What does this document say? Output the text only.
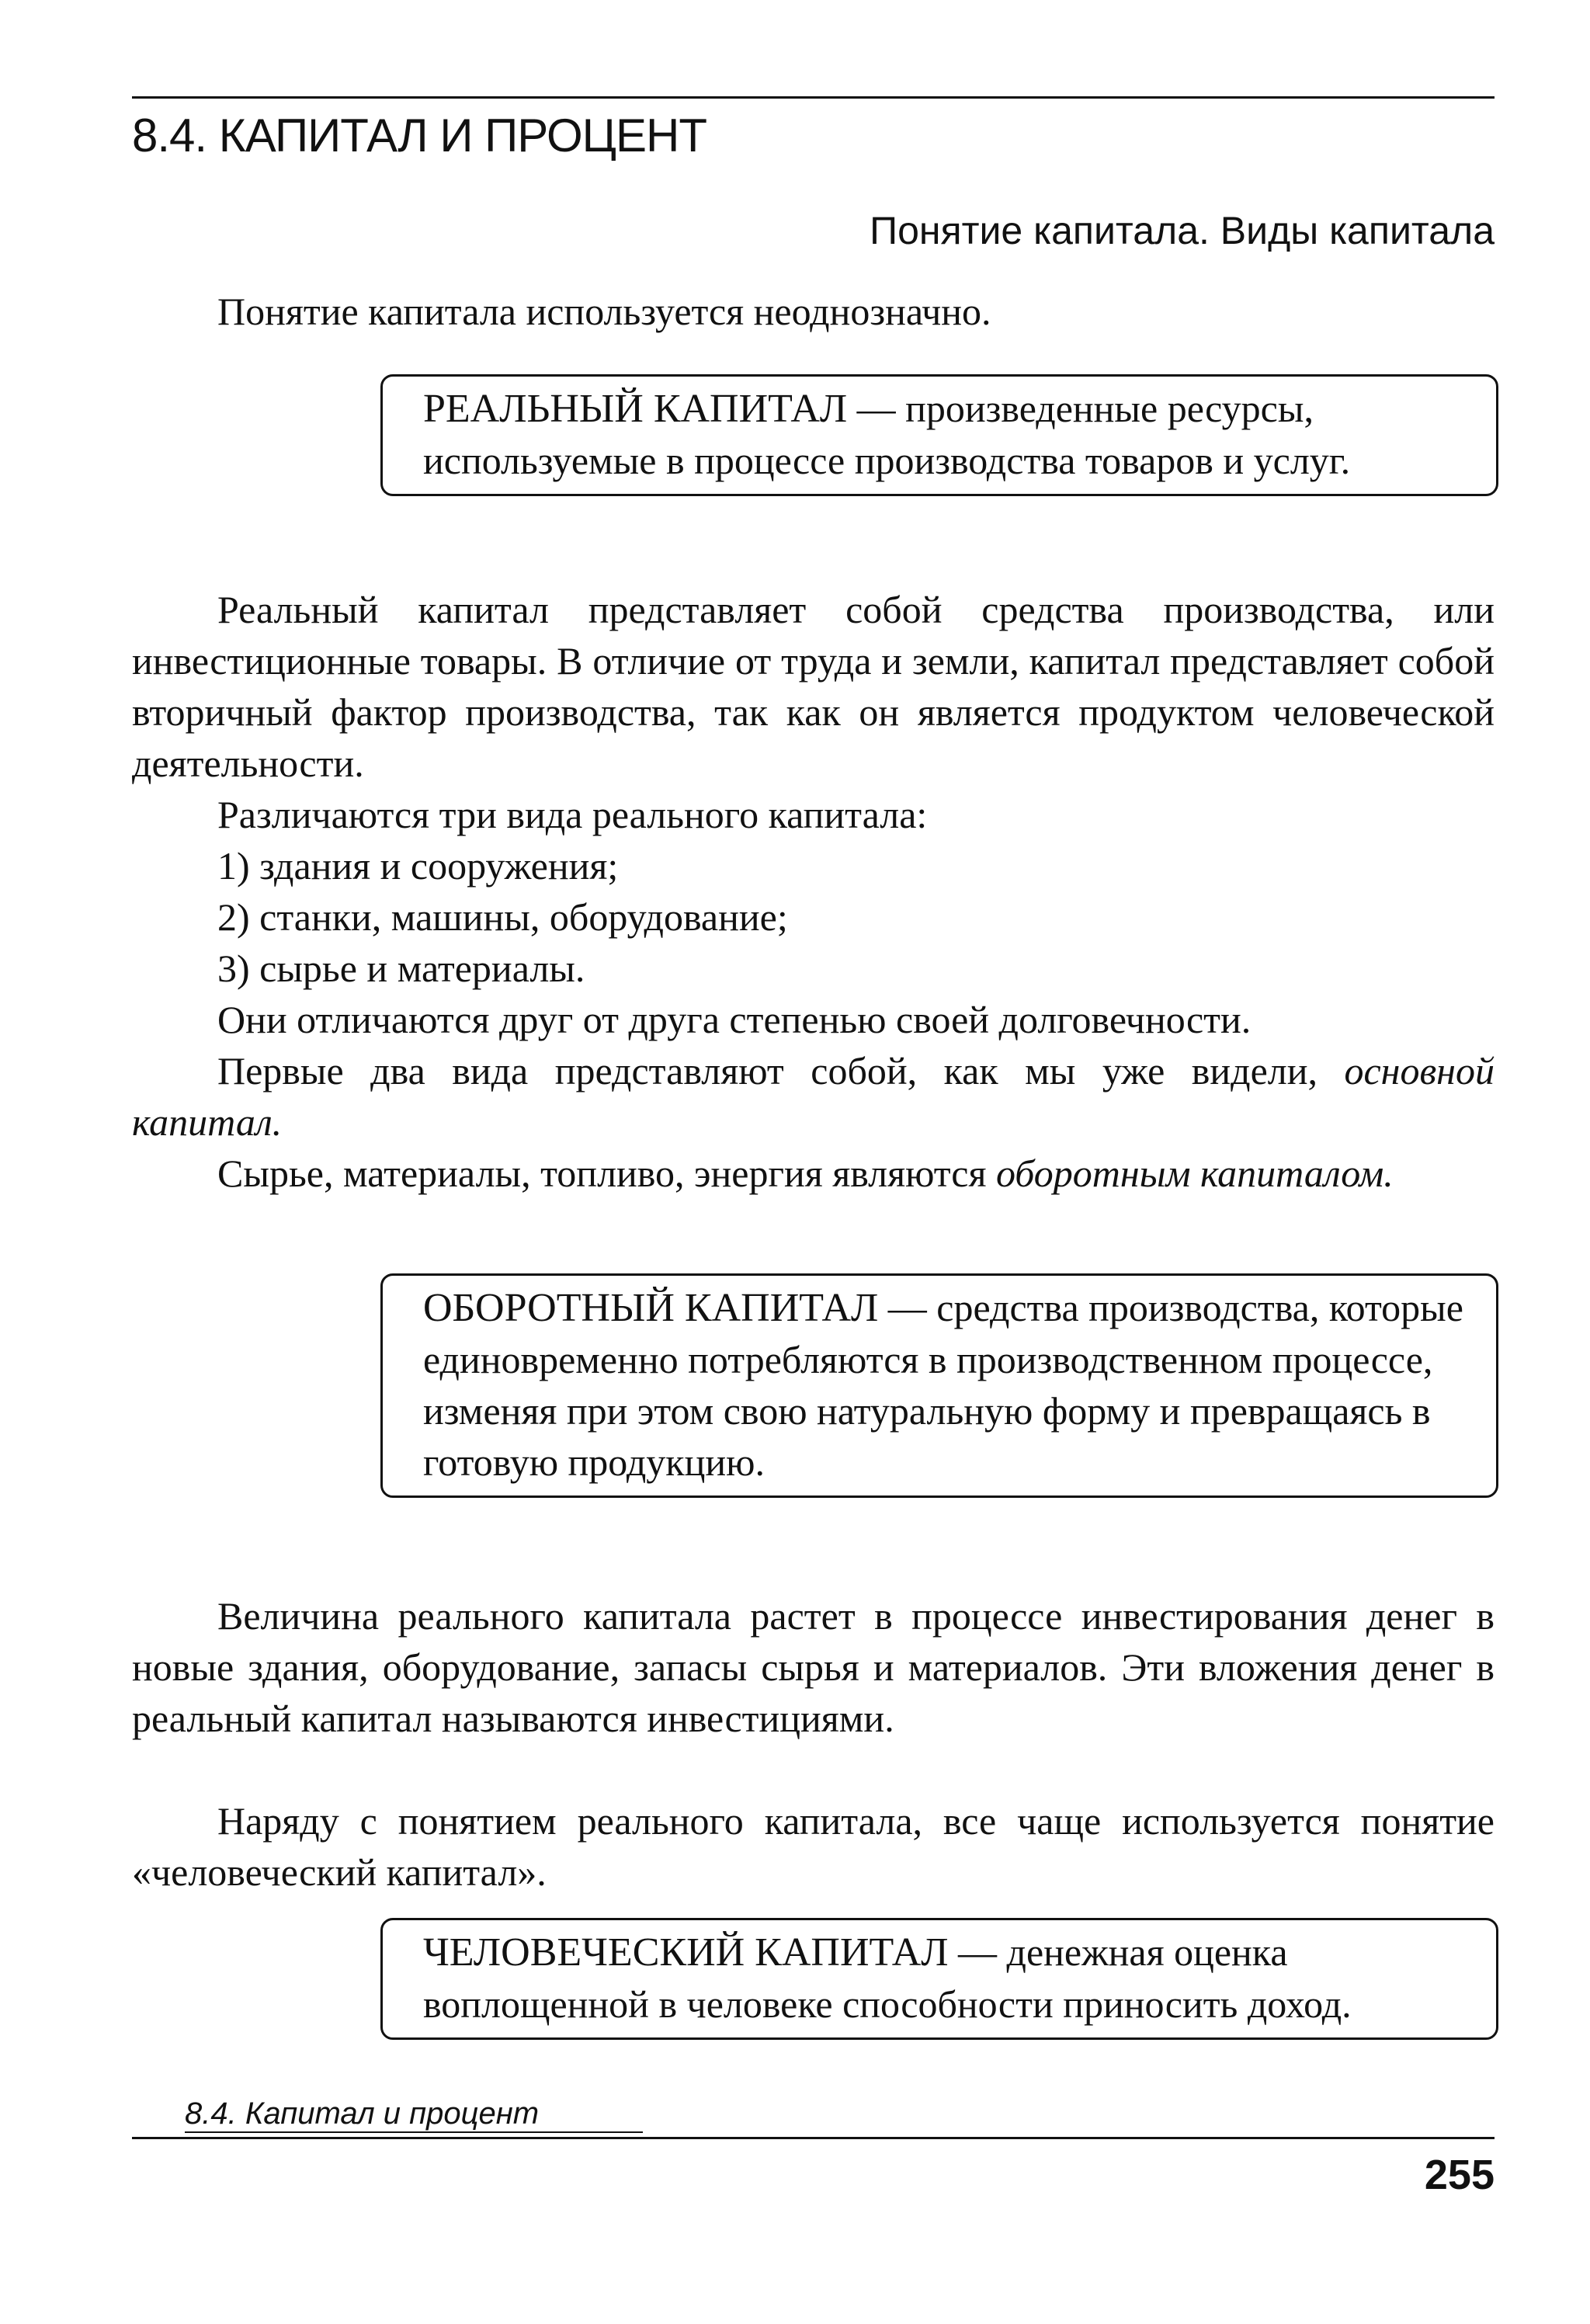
8.4. КАПИТАЛ И ПРОЦЕНТ
Понятие капитала. Виды капитала
Понятие капитала используется неоднозначно.
РЕАЛЬНЫЙ КАПИТАЛ — произведенные ресурсы, используемые в процессе производства товаров и услуг.
Реальный капитал представляет собой средства производства, или инвестиционные товары. В отличие от труда и земли, капитал представляет собой вторичный фактор производства, так как он является продуктом человеческой деятельности.
Различаются три вида реального капитала:
1) здания и сооружения;
2) станки, машины, оборудование;
3) сырье и материалы.
Они отличаются друг от друга степенью своей долговечности.
Первые два вида представляют собой, как мы уже видели, основной капитал.
Сырье, материалы, топливо, энергия являются оборотным капиталом.
ОБОРОТНЫЙ КАПИТАЛ — средства производства, которые единовременно потребляются в производственном процессе, изменяя при этом свою натуральную форму и превращаясь в готовую продукцию.
Величина реального капитала растет в процессе инвестирования денег в новые здания, оборудование, запасы сырья и материалов. Эти вложения денег в реальный капитал называются инвестициями.
Наряду с понятием реального капитала, все чаще используется понятие «человеческий капитал».
ЧЕЛОВЕЧЕСКИЙ КАПИТАЛ — денежная оценка воплощенной в человеке способности приносить доход.
8.4. Капитал и процент
255
